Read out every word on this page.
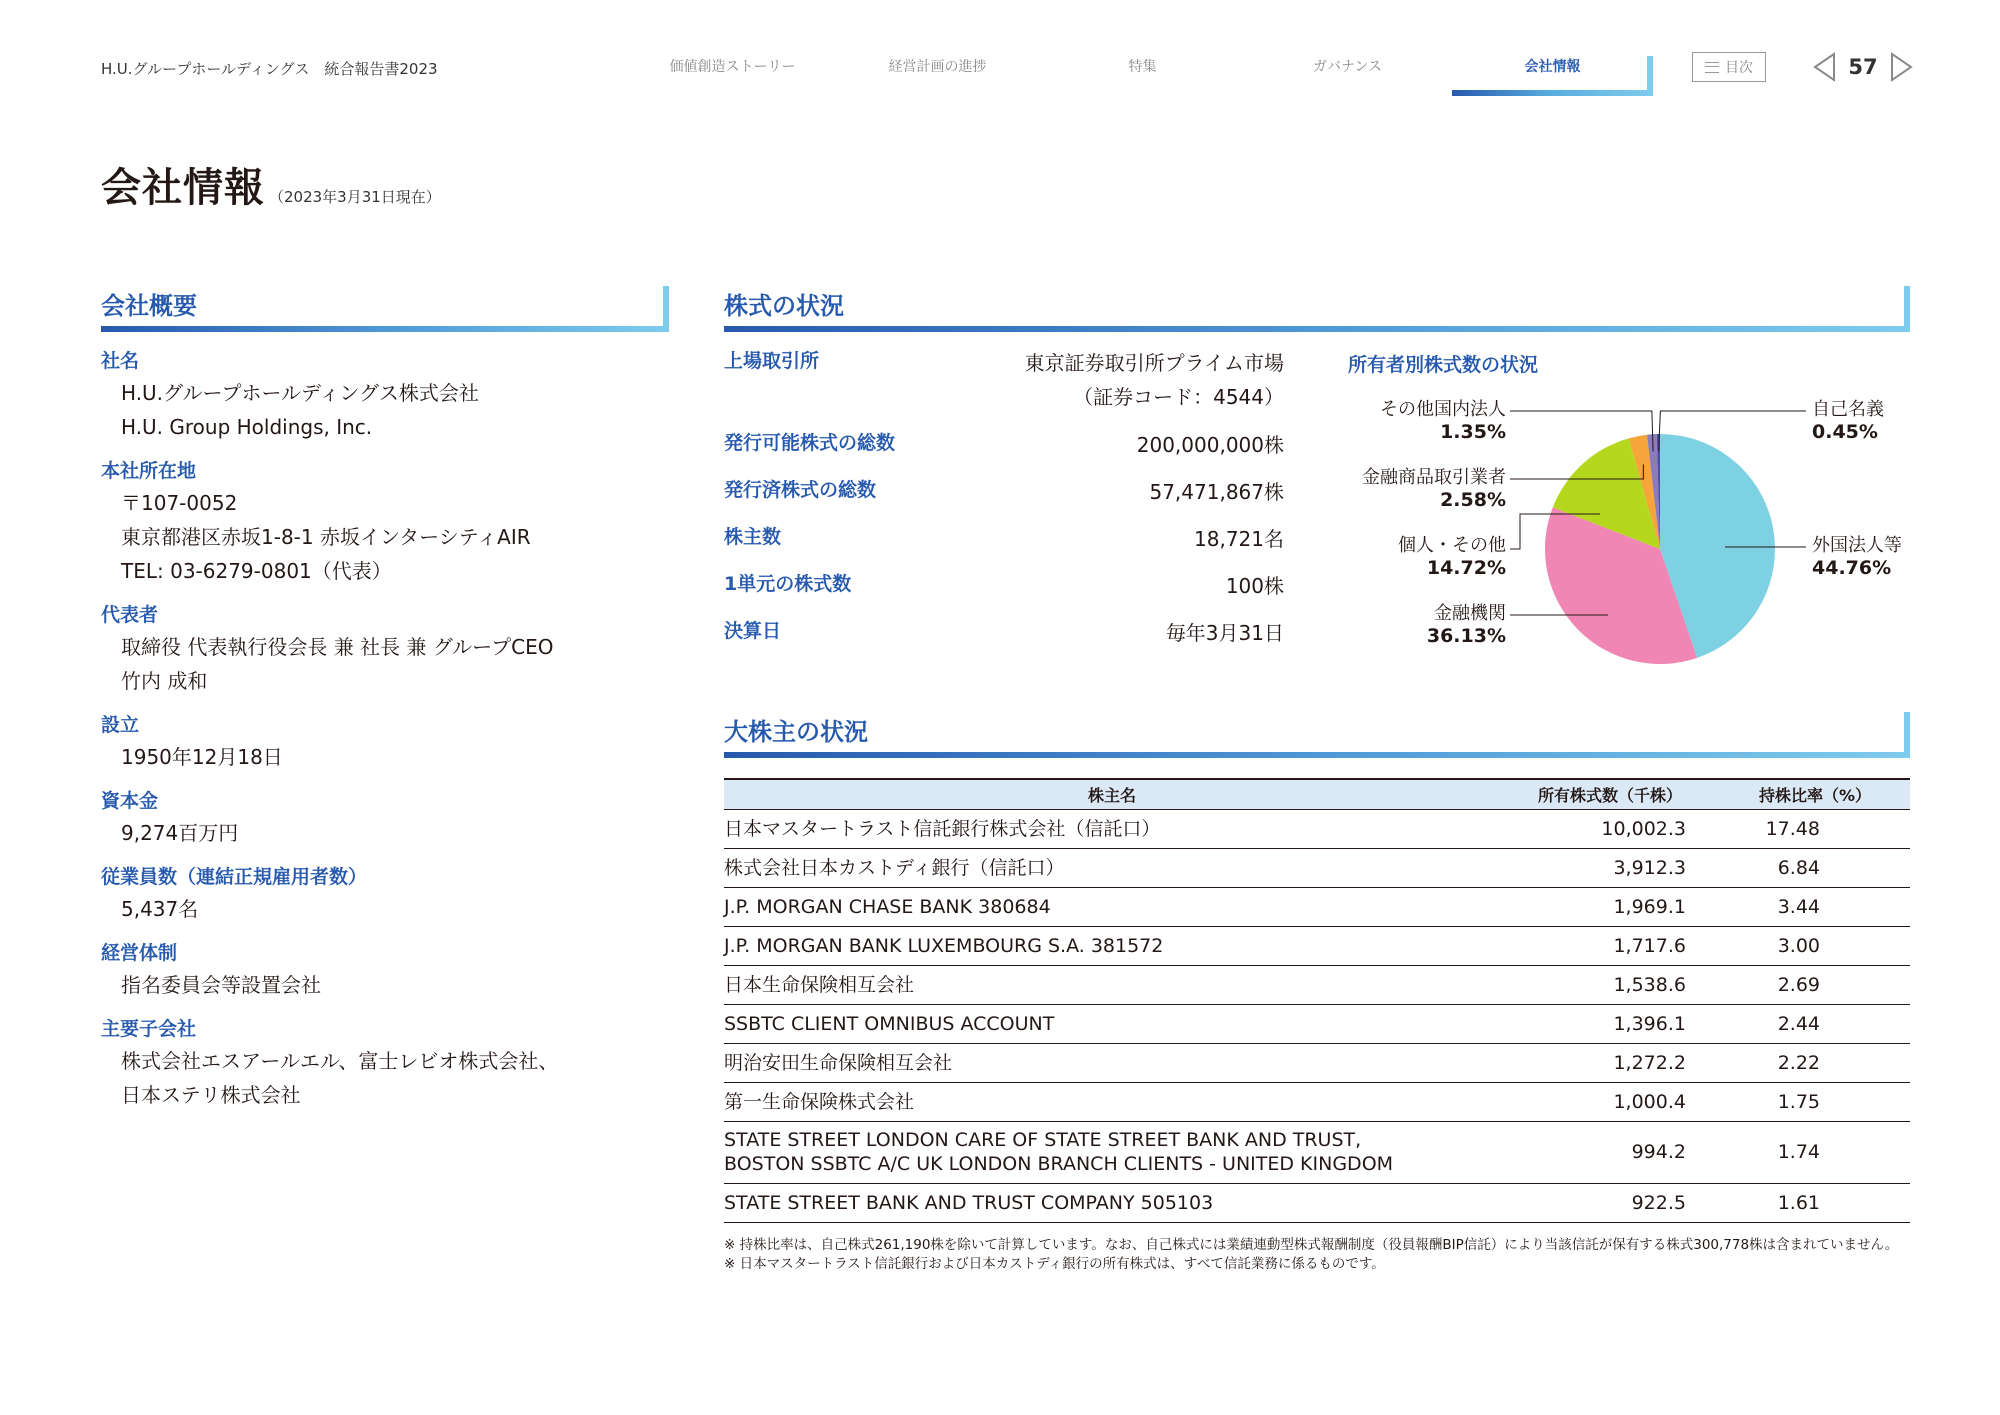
H.U.グループホールディングス　統合報告書2023	価値創造ストーリー	経営計画の進捗	特集	ガバナンス	会社情報	目次	57
会社情報 （2023年3月31日現在）
会社概要
社名
H.U.グループホールディングス株式会社
H.U. Group Holdings, Inc.
本社所在地
〒107-0052
東京都港区赤坂1-8-1 赤坂インターシティAIR
TEL: 03-6279-0801（代表）
代表者
取締役 代表執行役会長 兼 社長 兼 グループCEO
竹内 成和
設立
1950年12月18日
資本金
9,274百万円
従業員数（連結正規雇用者数）
5,437名
経営体制
指名委員会等設置会社
主要子会社
株式会社エスアールエル、富士レビオ株式会社、
日本ステリ株式会社
株式の状況
上場取引所	東京証券取引所プライム市場
（証券コード：4544）
発行可能株式の総数	200,000,000株
発行済株式の総数	57,471,867株
株主数	18,721名
1単元の株式数	100株
決算日	毎年3月31日
所有者別株式数の状況
その他国内法人
1.35%
金融商品取引業者
2.58%
個人・その他
14.72%
金融機関
36.13%
自己名義
0.45%
外国法人等
44.76%
大株主の状況
株主名	所有株式数（千株）	持株比率（%）
日本マスタートラスト信託銀行株式会社（信託口）	10,002.3	17.48
株式会社日本カストディ銀行（信託口）	3,912.3	6.84
J.P. MORGAN CHASE BANK 380684	1,969.1	3.44
J.P. MORGAN BANK LUXEMBOURG S.A. 381572	1,717.6	3.00
日本生命保険相互会社	1,538.6	2.69
SSBTC CLIENT OMNIBUS ACCOUNT	1,396.1	2.44
明治安田生命保険相互会社	1,272.2	2.22
第一生命保険株式会社	1,000.4	1.75

STATE STREET LONDON CARE OF STATE STREET BANK AND TRUST,
BOSTON SSBTC A/C UK LONDON BRANCH CLIENTS - UNITED KINGDOM	994.2	1.74
STATE STREET BANK AND TRUST COMPANY 505103	922.5	1.61
※ 持株比率は、自己株式261,190株を除いて計算しています。なお、自己株式には業績連動型株式報酬制度（役員報酬BIP信託）により当該信託が保有する株式300,778株は含まれていません。
※ 日本マスタートラスト信託銀行および日本カストディ銀行の所有株式は、すべて信託業務に係るものです。
